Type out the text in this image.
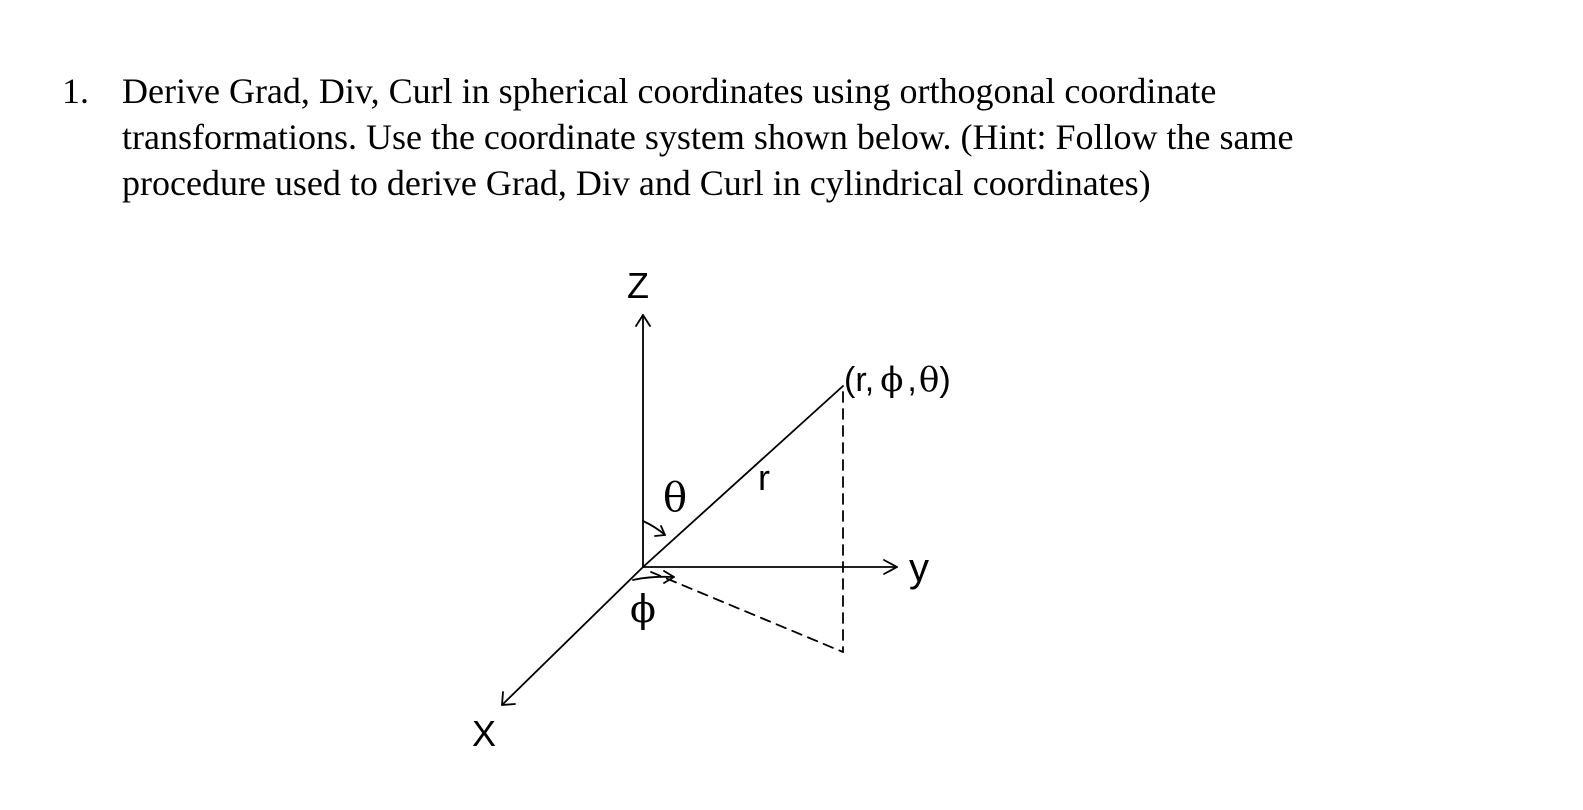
1. Derive Grad, Div, Curl in spherical coordinates using orthogonal coordinate
transformations. Use the coordinate system shown below. (Hint: Follow the same
procedure used to derive Grad, Div and Curl in cylindrical coordinates)
Z
y
X
r
θ
ϕ
(r, ϕ ,θ)
